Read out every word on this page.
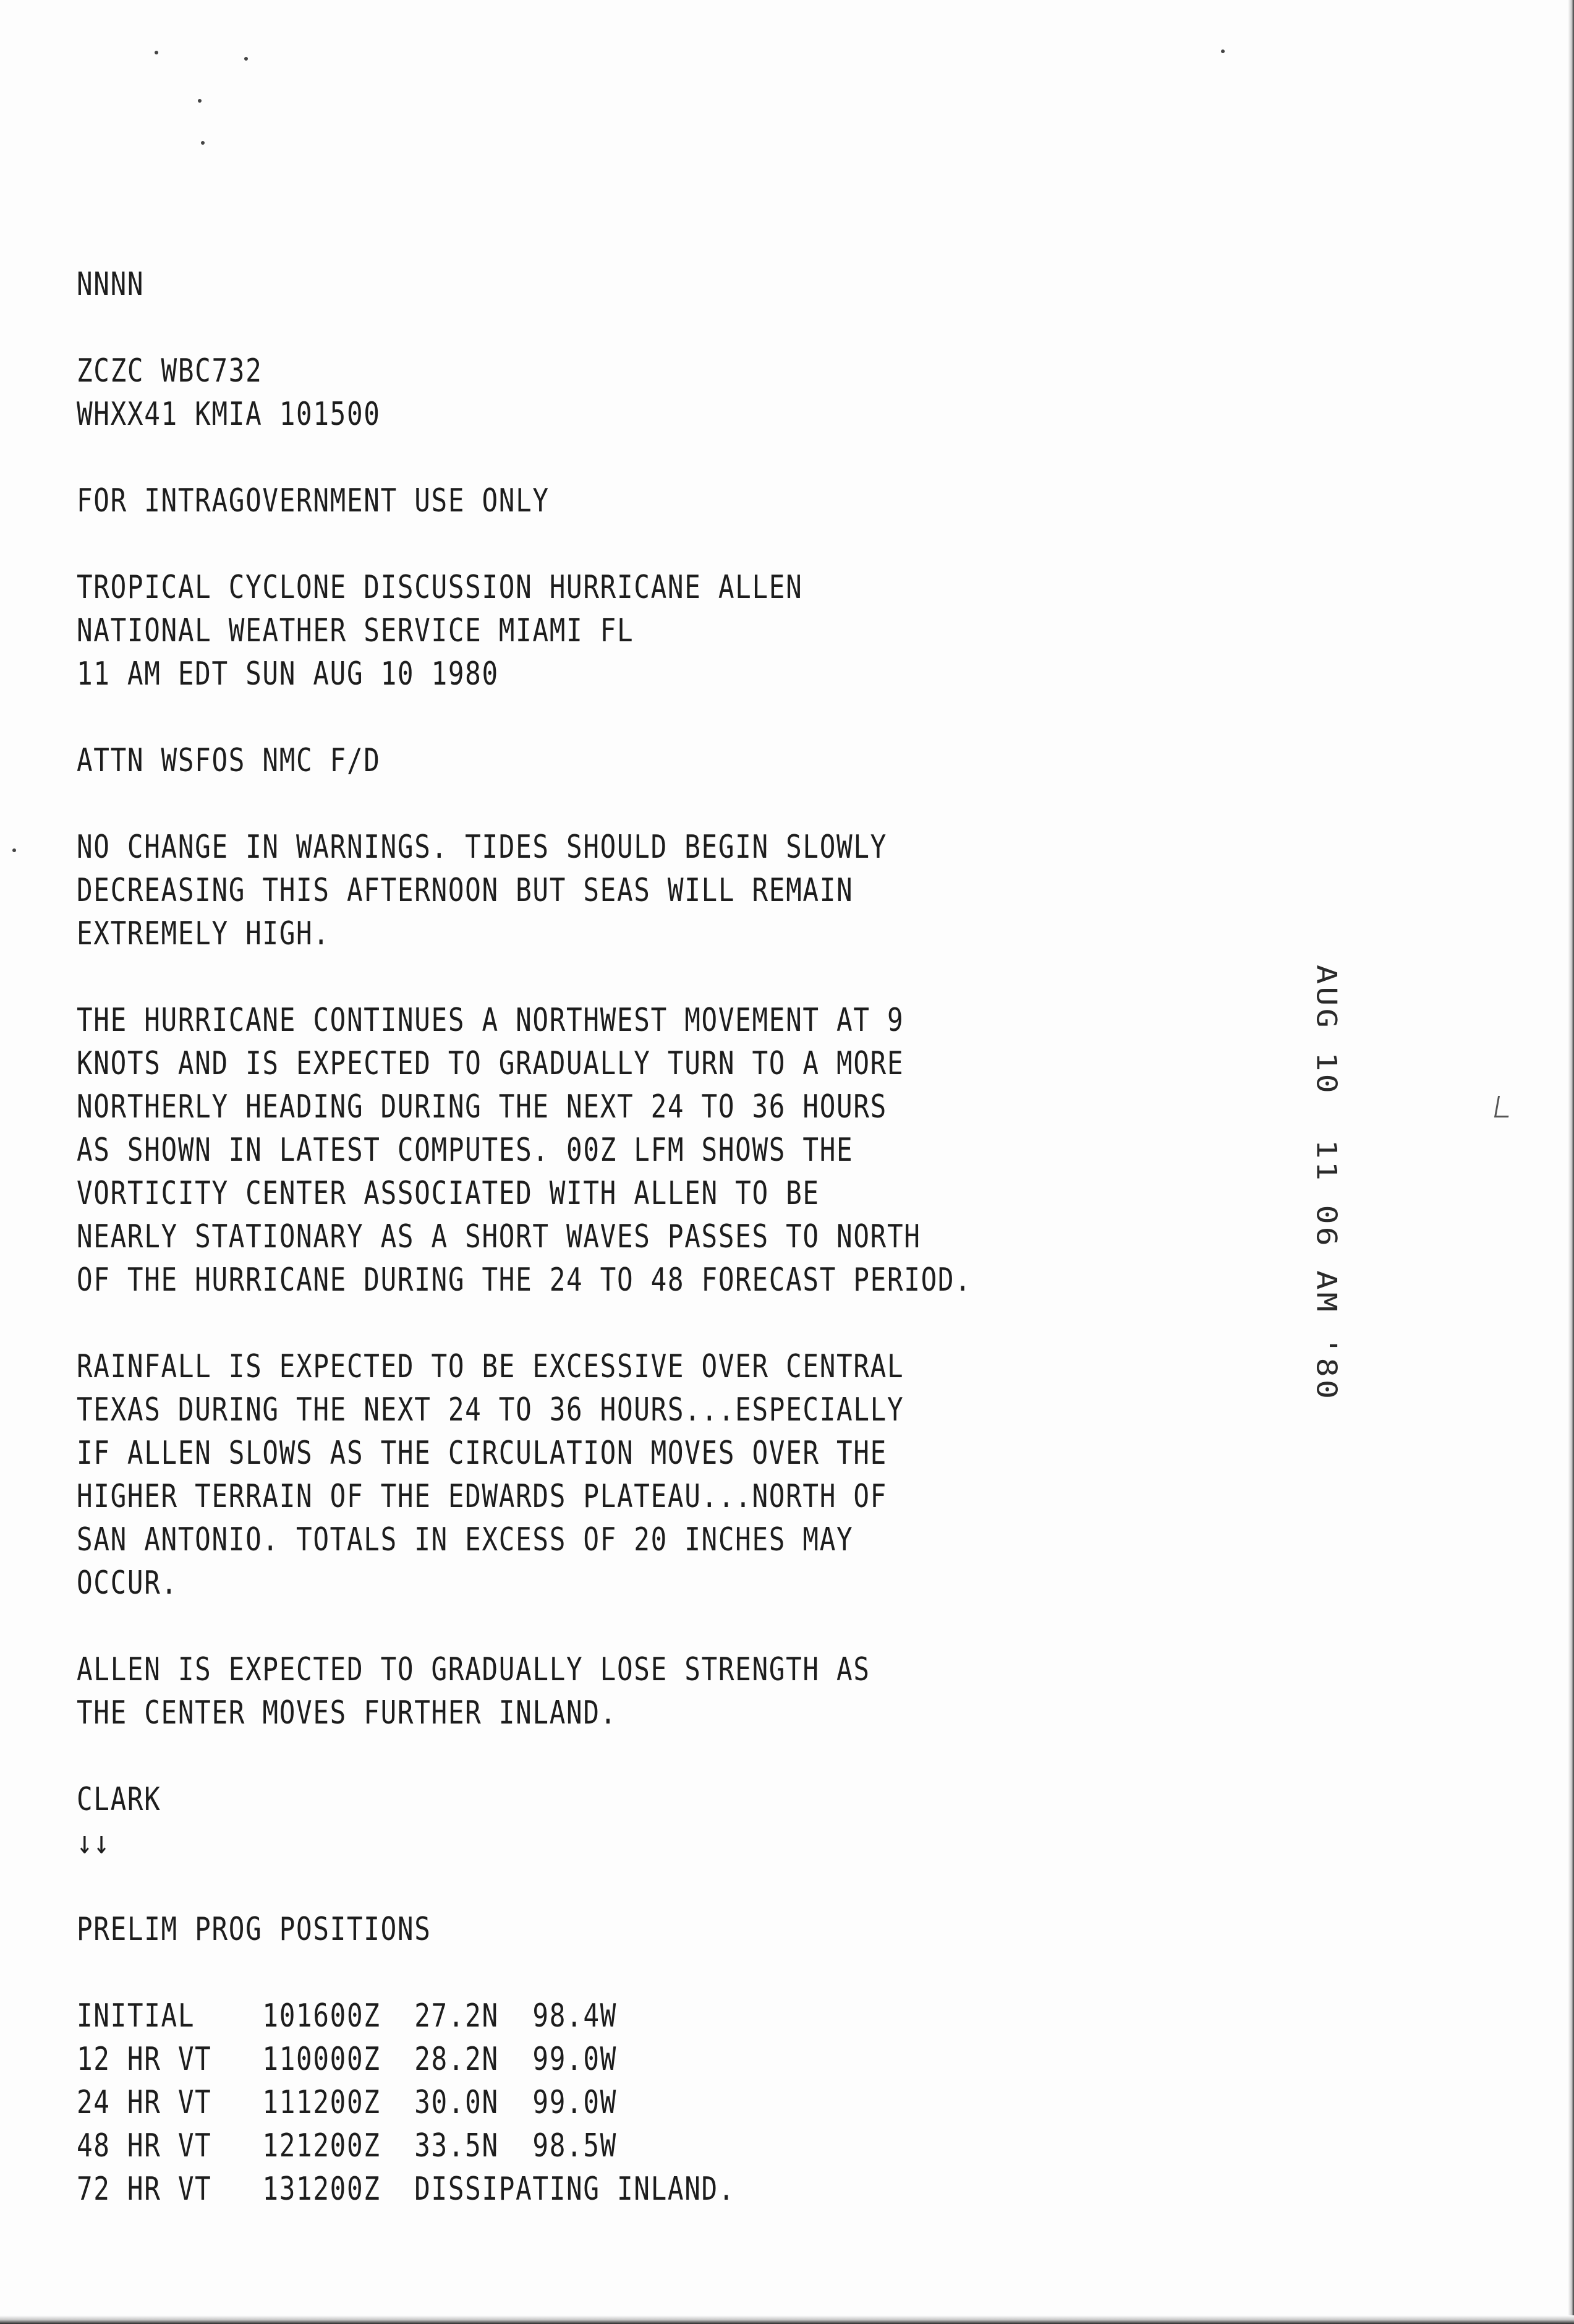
NNNN
ZCZC WBC732
WHXX41 KMIA 101500
FOR INTRAGOVERNMENT USE ONLY
TROPICAL CYCLONE DISCUSSION HURRICANE ALLEN
NATIONAL WEATHER SERVICE MIAMI FL
11 AM EDT SUN AUG 10 1980
ATTN WSFOS NMC F/D
NO CHANGE IN WARNINGS. TIDES SHOULD BEGIN SLOWLY
DECREASING THIS AFTERNOON BUT SEAS WILL REMAIN
EXTREMELY HIGH.
THE HURRICANE CONTINUES A NORTHWEST MOVEMENT AT 9
KNOTS AND IS EXPECTED TO GRADUALLY TURN TO A MORE
NORTHERLY HEADING DURING THE NEXT 24 TO 36 HOURS
AS SHOWN IN LATEST COMPUTES. 00Z LFM SHOWS THE
VORTICITY CENTER ASSOCIATED WITH ALLEN TO BE
NEARLY STATIONARY AS A SHORT WAVES PASSES TO NORTH
OF THE HURRICANE DURING THE 24 TO 48 FORECAST PERIOD.
RAINFALL IS EXPECTED TO BE EXCESSIVE OVER CENTRAL
TEXAS DURING THE NEXT 24 TO 36 HOURS...ESPECIALLY
IF ALLEN SLOWS AS THE CIRCULATION MOVES OVER THE
HIGHER TERRAIN OF THE EDWARDS PLATEAU...NORTH OF
SAN ANTONIO. TOTALS IN EXCESS OF 20 INCHES MAY
OCCUR.
ALLEN IS EXPECTED TO GRADUALLY LOSE STRENGTH AS
THE CENTER MOVES FURTHER INLAND.
CLARK
↓↓
PRELIM PROG POSITIONS
INITIAL    101600Z  27.2N  98.4W
12 HR VT   110000Z  28.2N  99.0W
24 HR VT   111200Z  30.0N  99.0W
48 HR VT   121200Z  33.5N  98.5W
72 HR VT   131200Z  DISSIPATING INLAND.
AUG 10  11 06 AM '80
